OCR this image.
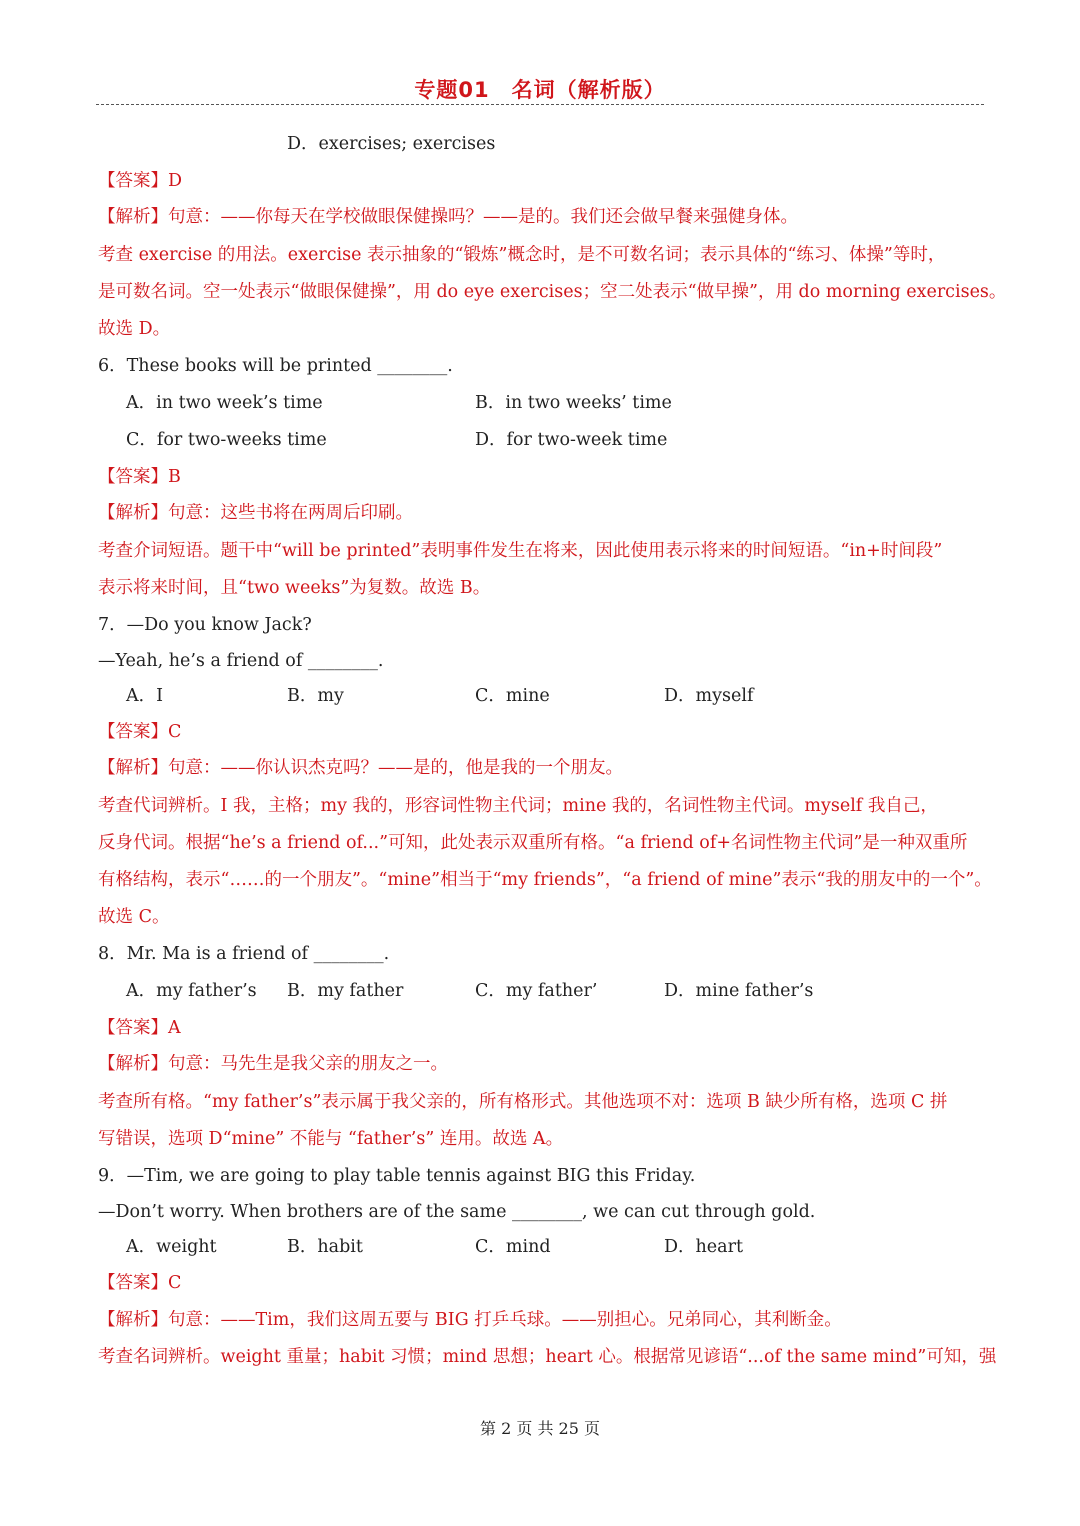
专题01　名词（解析版）
D．exercises; exercises
【答案】D
【解析】句意：——你每天在学校做眼保健操吗？——是的。我们还会做早餐来强健身体。
考查 exercise 的用法。exercise 表示抽象的“锻炼”概念时，是不可数名词；表示具体的“练习、体操”等时，
是可数名词。空一处表示“做眼保健操”，用 do eye exercises；空二处表示“做早操”，用 do morning exercises。
故选 D。
6．These books will be printed ________.
A．in two week’s time	B．in two weeks’ time
C．for two-weeks time	D．for two-week time
【答案】B
【解析】句意：这些书将在两周后印刷。
考查介词短语。题干中“will be printed”表明事件发生在将来，因此使用表示将来的时间短语。“in+时间段”
表示将来时间，且“two weeks”为复数。故选 B。
7．—Do you know Jack?
—Yeah, he’s a friend of ________.
A．I	B．my	C．mine	D．myself
【答案】C
【解析】句意：——你认识杰克吗？——是的，他是我的一个朋友。
考查代词辨析。I 我，主格；my 我的，形容词性物主代词；mine 我的，名词性物主代词。myself 我自己，
反身代词。根据“he’s a friend of...”可知，此处表示双重所有格。“a friend of+名词性物主代词”是一种双重所
有格结构，表示“……的一个朋友”。“mine”相当于“my friends”，“a friend of mine”表示“我的朋友中的一个”。
故选 C。
8．Mr. Ma is a friend of ________.
A．my father’s B．my father	C．my father’	D．mine father’s
【答案】A
【解析】句意：马先生是我父亲的朋友之一。
考查所有格。“my father’s”表示属于我父亲的，所有格形式。其他选项不对：选项 B 缺少所有格，选项 C 拼
写错误，选项 D“mine” 不能与 “father’s” 连用。故选 A。
9．—Tim, we are going to play table tennis against BIG this Friday.
—Don’t worry. When brothers are of the same ________, we can cut through gold.
A．weight	B．habit	C．mind	D．heart
【答案】C
【解析】句意：——Tim，我们这周五要与 BIG 打乒乓球。——别担心。兄弟同心，其利断金。
考查名词辨析。weight 重量；habit 习惯；mind 思想；heart 心。根据常见谚语“...of the same mind”可知，强
第 2 页 共 25 页
